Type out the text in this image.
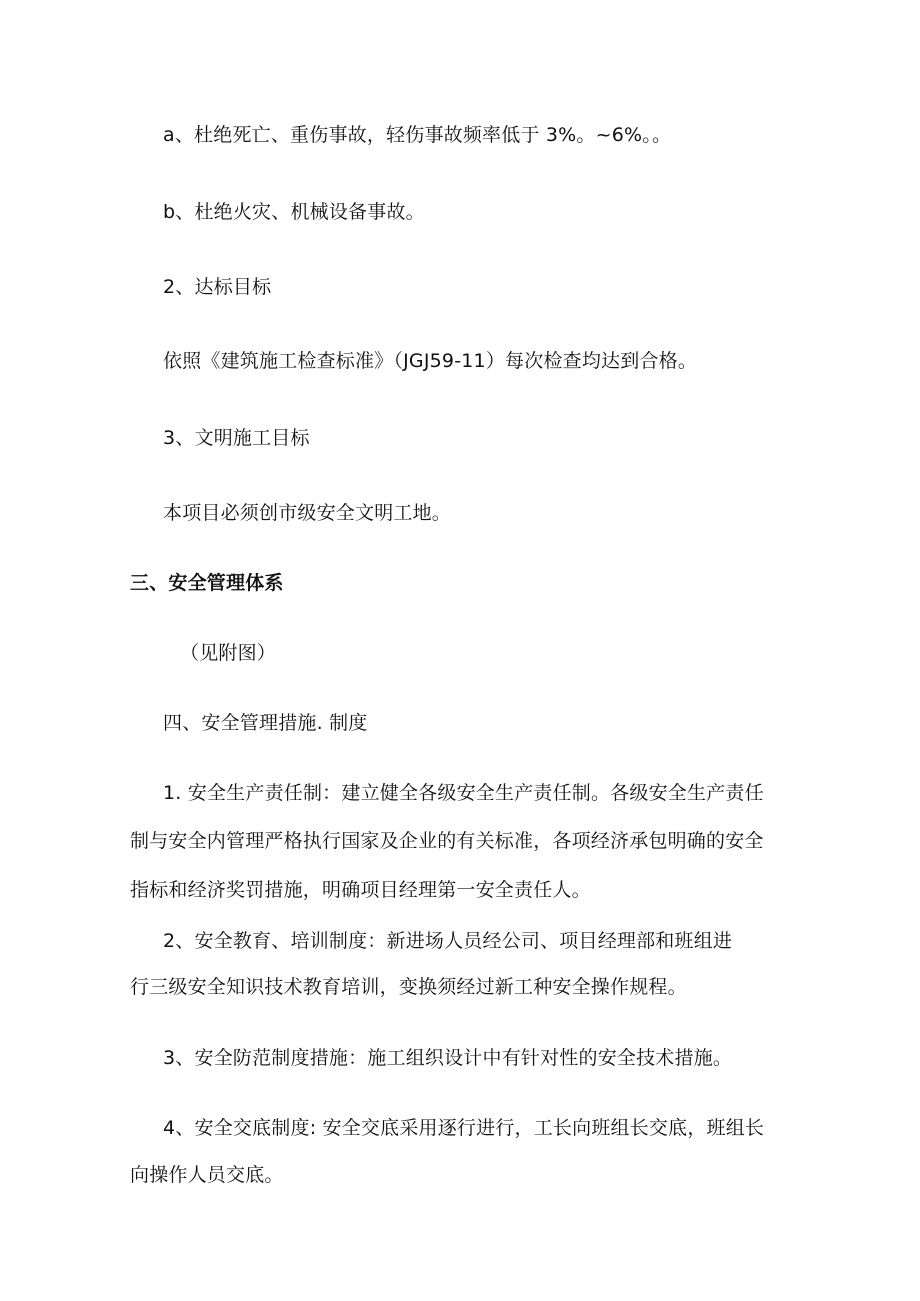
a、杜绝死亡、重伤事故，轻伤事故频率低于 3%。~6%。。
b、杜绝火灾、机械设备事故。
2、达标目标
依照《建筑施工检查标准》（JGJ59-11）每次检查均达到合格。
3、文明施工目标
本项目必须创市级安全文明工地。
三、安全管理体系
（见附图）
四、安全管理措施. 制度
1. 安全生产责任制：建立健全各级安全生产责任制。各级安全生产责任
制与安全内管理严格执行国家及企业的有关标准，各项经济承包明确的安全
指标和经济奖罚措施，明确项目经理第一安全责任人。
2、安全教育、培训制度：新进场人员经公司、项目经理部和班组进
行三级安全知识技术教育培训，变换须经过新工种安全操作规程。
3、安全防范制度措施：施工组织设计中有针对性的安全技术措施。
4、安全交底制度: 安全交底采用逐行进行，工长向班组长交底，班组长
向操作人员交底。
